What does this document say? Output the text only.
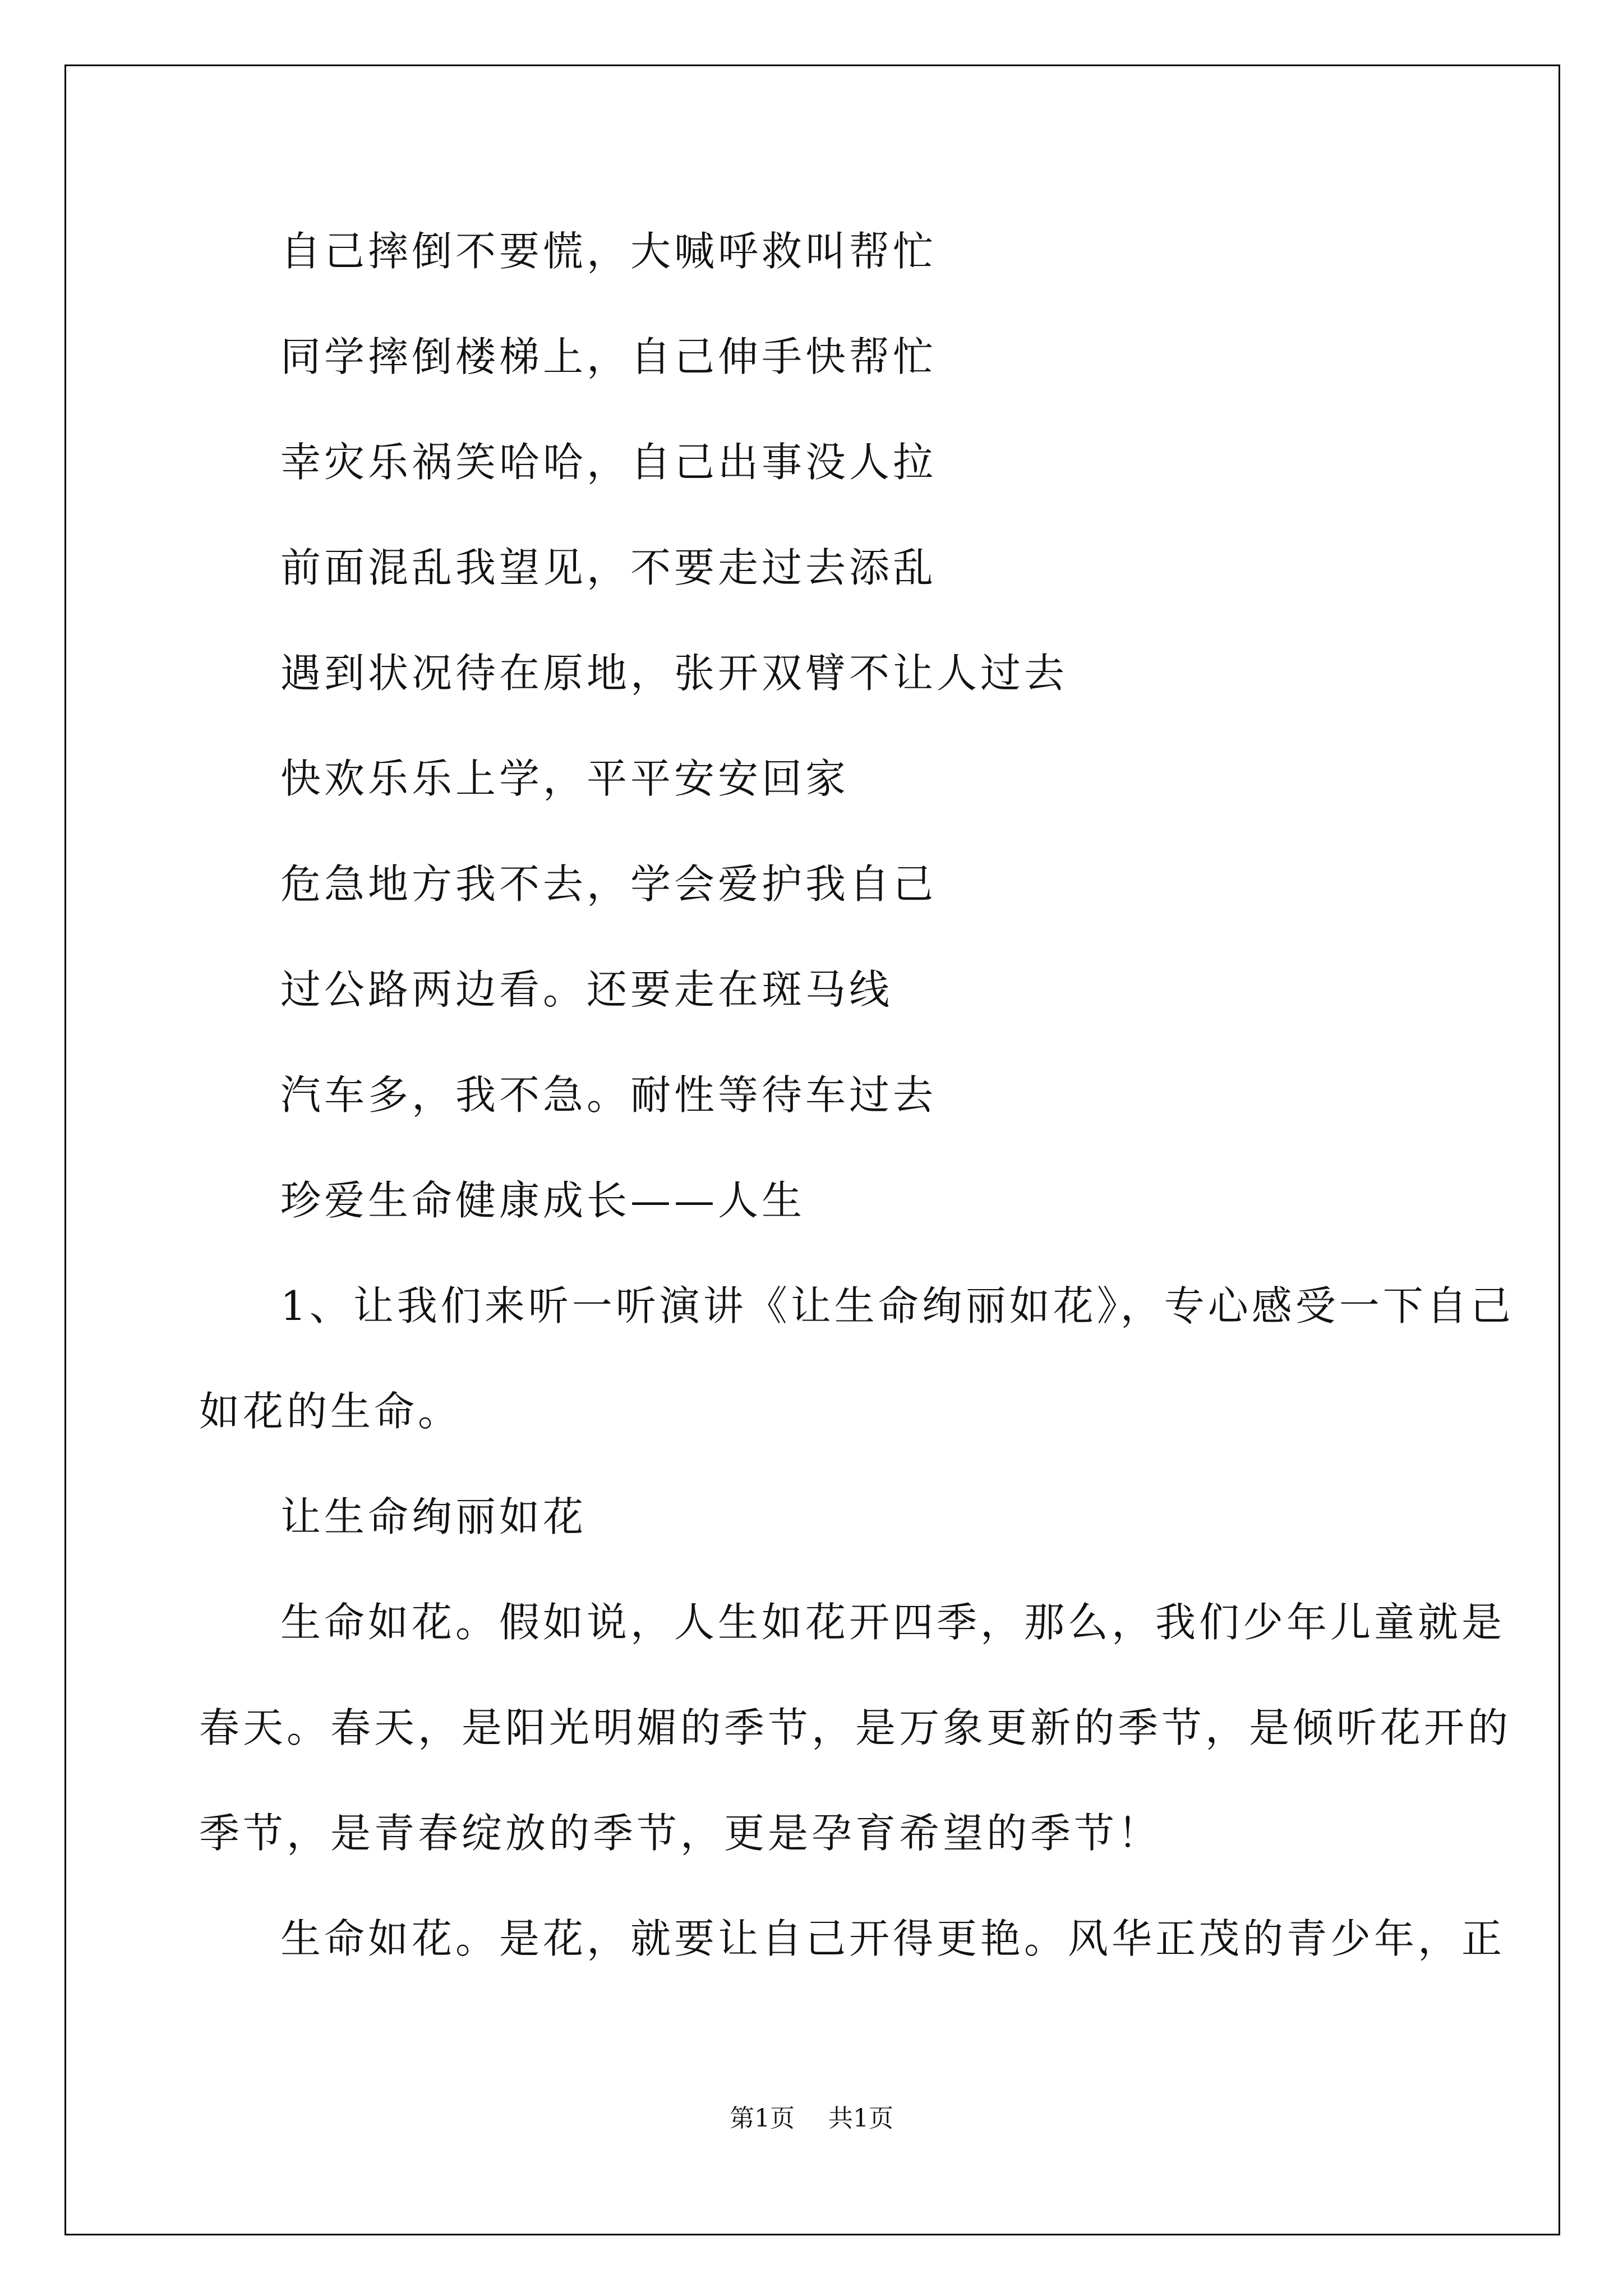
自己摔倒不要慌，大喊呼救叫帮忙
同学摔倒楼梯上，自己伸手快帮忙
幸灾乐祸笑哈哈，自己出事没人拉
前面混乱我望见，不要走过去添乱
遇到状况待在原地，张开双臂不让人过去
快欢乐乐上学，平平安安回家
危急地方我不去，学会爱护我自己
过公路两边看。还要走在斑马线
汽车多，我不急。耐性等待车过去
珍爱生命健康成长——人生
1、让我们来听一听演讲《让生命绚丽如花》，专心感受一下自己
如花的生命。
让生命绚丽如花
生命如花。假如说，人生如花开四季，那么，我们少年儿童就是
春天。春天，是阳光明媚的季节，是万象更新的季节，是倾听花开的
季节，是青春绽放的季节，更是孕育希望的季节！
生命如花。是花，就要让自己开得更艳。风华正茂的青少年，正
第1页 共1页
